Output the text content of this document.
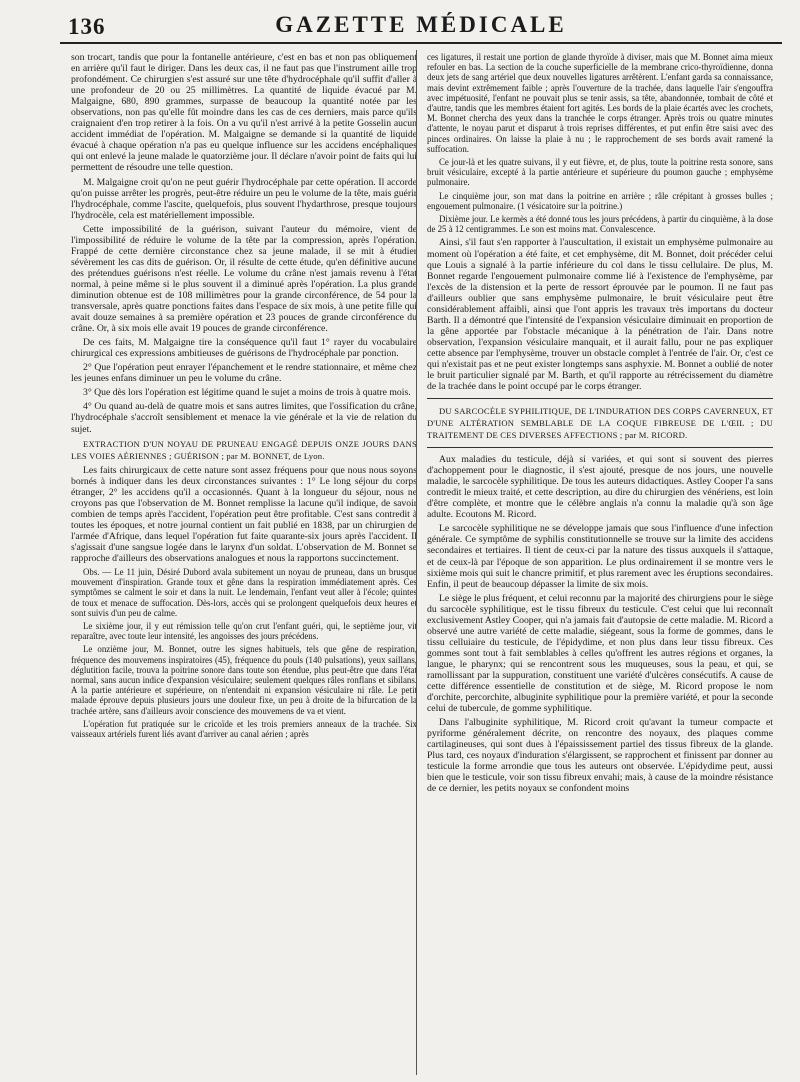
136	GAZETTE MÉDICALE

son trocart, tandis que pour la fontanelle antérieure, c'est en bas et non pas obliquement en arrière qu'il faut le diriger. Dans les deux cas, il ne faut pas que l'instrument aille trop profondément. Ce chirurgien s'est assuré sur une tête d'hydrocéphale qu'il suffit d'aller à une profondeur de 20 ou 25 millimètres. La quantité de liquide évacué par M. Malgaigne, 680, 890 grammes, surpasse de beaucoup la quantité notée par les observations, non pas qu'elle fût moindre dans les cas de ces derniers, mais parce qu'ils craignaient d'en trop retirer à la fois. On a vu qu'il n'est arrivé à la petite Gosselin aucun accident immédiat de l'opération. M. Malgaigne se demande si la quantité de liquide évacué à chaque opération n'a pas eu quelque influence sur les accidens encéphaliques qui ont enlevé la jeune malade le quatorzième jour. Il déclare n'avoir point de faits qui lui permettent de résoudre une telle question.

M. Malgaigne croit qu'on ne peut guérir l'hydrocéphale par cette opération. Il accorde qu'on puisse arrêter les progrès, peut-être réduire un peu le volume de la tête, mais guérir l'hydrocéphale, comme l'ascite, quelquefois, plus souvent l'hydarthrose, presque toujours l'hydrocèle, cela est matériellement impossible.

Cette impossibilité de la guérison, suivant l'auteur du mémoire, vient de l'impossibilité de réduire le volume de la tête par la compression, après l'opération. Frappé de cette dernière circonstance chez sa jeune malade, il se mit à étudier sévèrement les cas dits de guérison. Or, il résulte de cette étude, qu'en définitive aucune des prétendues guérisons n'est réelle. Le volume du crâne n'est jamais revenu à l'état normal, à peine même si le plus souvent il a diminué après l'opération. La plus grande diminution obtenue est de 108 millimètres pour la grande circonférence, de 54 pour la transversale, après quatre ponctions faites dans l'espace de six mois, à une petite fille qui avait douze semaines à sa première opération et 23 pouces de grande circonférence du crâne. Or, à six mois elle avait 19 pouces de grande circonférence.

De ces faits, M. Malgaigne tire la conséquence qu'il faut 1° rayer du vocabulaire chirurgical ces expressions ambitieuses de guérisons de l'hydrocéphale par ponction.

2° Que l'opération peut enrayer l'épanchement et le rendre stationnaire, et même chez les jeunes enfans diminuer un peu le volume du crâne.

3° Que dès lors l'opération est légitime quand le sujet a moins de trois à quatre mois.

4° Ou quand au-delà de quatre mois et sans autres limites, que l'ossification du crâne, l'hydrocéphale s'accroît sensiblement et menace la vie générale et la vie de relation du sujet.

EXTRACTION D'UN NOYAU DE PRUNEAU ENGAGÉ DEPUIS ONZE JOURS DANS LES VOIES AÉRIENNES ; GUÉRISON ; par M. BONNET, de Lyon.

Les faits chirurgicaux de cette nature sont assez fréquens pour que nous nous soyons bornés à indiquer dans les deux circonstances suivantes : 1° Le long séjour du corps étranger, 2° les accidens qu'il a occasionnés. Quant à la longueur du séjour, nous ne croyons pas que l'observation de M. Bonnet remplisse la lacune qu'il indique, de savoir combien de temps après l'accident, l'opération peut être profitable. C'est sans contredit à toutes les époques, et notre journal contient un fait publié en 1838, par un chirurgien de l'armée d'Afrique, dans lequel l'opération fut faite quarante-six jours après l'accident. Il s'agissait d'une sangsue logée dans le larynx d'un soldat. L'observation de M. Bonnet se rapproche d'ailleurs des observations analogues et nous la rapportons succinctement.

Obs. — Le 11 juin, Désiré Dubord avala subitement un noyau de pruneau, dans un brusque mouvement d'inspiration. Grande toux et gêne dans la respiration immédiatement après. Ces symptômes se calment le soir et dans la nuit. Le lendemain, l'enfant veut aller à l'école; quintes de toux et menace de suffocation. Dès-lors, accès qui se prolongent quelquefois deux heures et sont suivis d'un peu de calme.

Le sixième jour, il y eut rémission telle qu'on crut l'enfant guéri, qui, le septième jour, vit reparaître, avec toute leur intensité, les angoisses des jours précédens.

Le onzième jour, M. Bonnet, outre les signes habituels, tels que gêne de respiration, fréquence des mouvemens inspiratoires (45), fréquence du pouls (140 pulsations), yeux saillans, déglutition facile, trouva la poitrine sonore dans toute son étendue, plus peut-être que dans l'état normal, sans aucun indice d'expansion vésiculaire; seulement quelques râles ronflans et sibilans. A la partie antérieure et supérieure, on n'entendait ni expansion vésiculaire ni râle. Le petit malade éprouve depuis plusieurs jours une douleur fixe, un peu à droite de la bifurcation de la trachée artère, sans d'ailleurs avoir conscience des mouvemens de va et vient.

L'opération fut pratiquée sur le cricoïde et les trois premiers anneaux de la trachée. Six vaisseaux artériels furent liés avant d'arriver au canal aérien ; après

ces ligatures, il restait une portion de glande thyroïde à diviser, mais que M. Bonnet aima mieux refouler en bas. La section de la couche superficielle de la membrane crico-thyroïdienne, donna deux jets de sang artériel que deux nouvelles ligatures arrêtèrent. L'enfant garda sa connaissance, mais devint extrêmement faible ; après l'ouverture de la trachée, dans laquelle l'air s'engouffra avec impétuosité, l'enfant ne pouvait plus se tenir assis, sa tête, abandonnée, tombait de côté et d'autre, tandis que les membres étaient fort agités. Les bords de la plaie écartés avec les crochets, M. Bonnet chercha des yeux dans la tranchée le corps étranger. Après trois ou quatre minutes d'attente, le noyau parut et disparut à trois reprises différentes, et put enfin être saisi avec des pinces ordinaires. On laisse la plaie à nu ; le rapprochement de ses bords avait ramené la suffocation.

Ce jour-là et les quatre suivans, il y eut fièvre, et, de plus, toute la poitrine resta sonore, sans bruit vésiculaire, excepté à la partie antérieure et supérieure du poumon gauche ; emphysème pulmonaire.

Le cinquième jour, son mat dans la poitrine en arrière ; râle crépitant à grosses bulles ; engouement pulmonaire. (1 vésicatoire sur la poitrine.)

Dixième jour. Le kermès a été donné tous les jours précédens, à partir du cinquième, à la dose de 25 à 12 centigrammes. Le son est moins mat. Convalescence.

Ainsi, s'il faut s'en rapporter à l'auscultation, il existait un emphysème pulmonaire au moment où l'opération a été faite, et cet emphysème, dit M. Bonnet, doit précéder celui que Louis a signalé à la partie inférieure du col dans le tissu cellulaire. De plus, M. Bonnet regarde l'engouement pulmonaire comme lié à l'existence de l'emphysème, par l'excès de la distension et la perte de ressort éprouvée par le poumon. Il ne faut pas d'ailleurs oublier que sans emphysème pulmonaire, le bruit vésiculaire peut être considérablement affaibli, ainsi que l'ont appris les travaux très importans du docteur Barth. Il a démontré que l'intensité de l'expansion vésiculaire diminuait en proportion de la gêne apportée par l'obstacle mécanique à la pénétration de l'air. Dans notre observation, l'expansion vésiculaire manquait, et il aurait fallu, pour ne pas expliquer cette absence par l'emphysème, trouver un obstacle complet à l'entrée de l'air. Or, c'est ce qui n'existait pas et ne peut exister longtemps sans asphyxie. M. Bonnet a oublié de noter le bruit particulier signalé par M. Barth, et qu'il rapporte au rétrécissement du diamètre de la trachée dans le point occupé par le corps étranger.

DU SARCOCÈLE SYPHILITIQUE, DE L'INDURATION DES CORPS CAVERNEUX, ET D'UNE ALTÉRATION SEMBLABLE DE LA COQUE FIBREUSE DE L'ŒIL ; DU TRAITEMENT DE CES DIVERSES AFFECTIONS ; par M. RICORD.

Aux maladies du testicule, déjà si variées, et qui sont si souvent des pierres d'achoppement pour le diagnostic, il s'est ajouté, presque de nos jours, une nouvelle maladie, le sarcocèle syphilitique. De tous les auteurs didactiques. Astley Cooper l'a sans contredit le mieux traité, et cette description, au dire du chirurgien des vénériens, est loin d'être complète, et montre que le célèbre anglais n'a connu la maladie qu'à son âge adulte. Ecoutons M. Ricord.

Le sarcocèle syphilitique ne se développe jamais que sous l'influence d'une infection générale. Ce symptôme de syphilis constitutionnelle se trouve sur la limite des accidens secondaires et tertiaires. Il tient de ceux-ci par la nature des tissus auxquels il s'attaque, et de ceux-là par l'époque de son apparition. Le plus ordinairement il se montre vers le sixième mois qui suit le chancre primitif, et plus rarement avec les éruptions secondaires. Enfin, il peut de beaucoup dépasser la limite de six mois.

Le siège le plus fréquent, et celui reconnu par la majorité des chirurgiens pour le siège du sarcocèle syphilitique, est le tissu fibreux du testicule. C'est celui que lui reconnaît exclusivement Astley Cooper, qui n'a jamais fait d'autopsie de cette maladie. M. Ricord a observé une autre variété de cette maladie, siégeant, sous la forme de gommes, dans le tissu celluiaire du testicule, de l'épidydime, et non plus dans leur tissu fibreux. Ces gommes sont tout à fait semblables à celles qu'offrent les autres régions et organes, la langue, le pharynx; qui se rencontrent sous les muqueuses, sous la peau, et qui, se ramollissant par la suppuration, constituent une variété d'ulcères consécutifs. A cause de cette différence essentielle de constitution et de siège, M. Ricord propose le nom d'orchite, percorchite, albuginite syphilitique pour la première variété, et pour la seconde celui de tubercule, de gomme syphilitique.

Dans l'albuginite syphilitique, M. Ricord croit qu'avant la tumeur compacte et pyriforme généralement décrite, on rencontre des noyaux, des plaques comme cartilagineuses, qui sont dues à l'épaississement partiel des tissus fibreux de la glande. Plus tard, ces noyaux d'induration s'élargissent, se rapprochent et finissent par donner au testicule la forme arrondie que tous les auteurs ont observée. L'épidydime peut, aussi bien que le testicule, voir son tissu fibreux envahi; mais, à cause de la moindre résistance de ce dernier, les petits noyaux se confondent moins
